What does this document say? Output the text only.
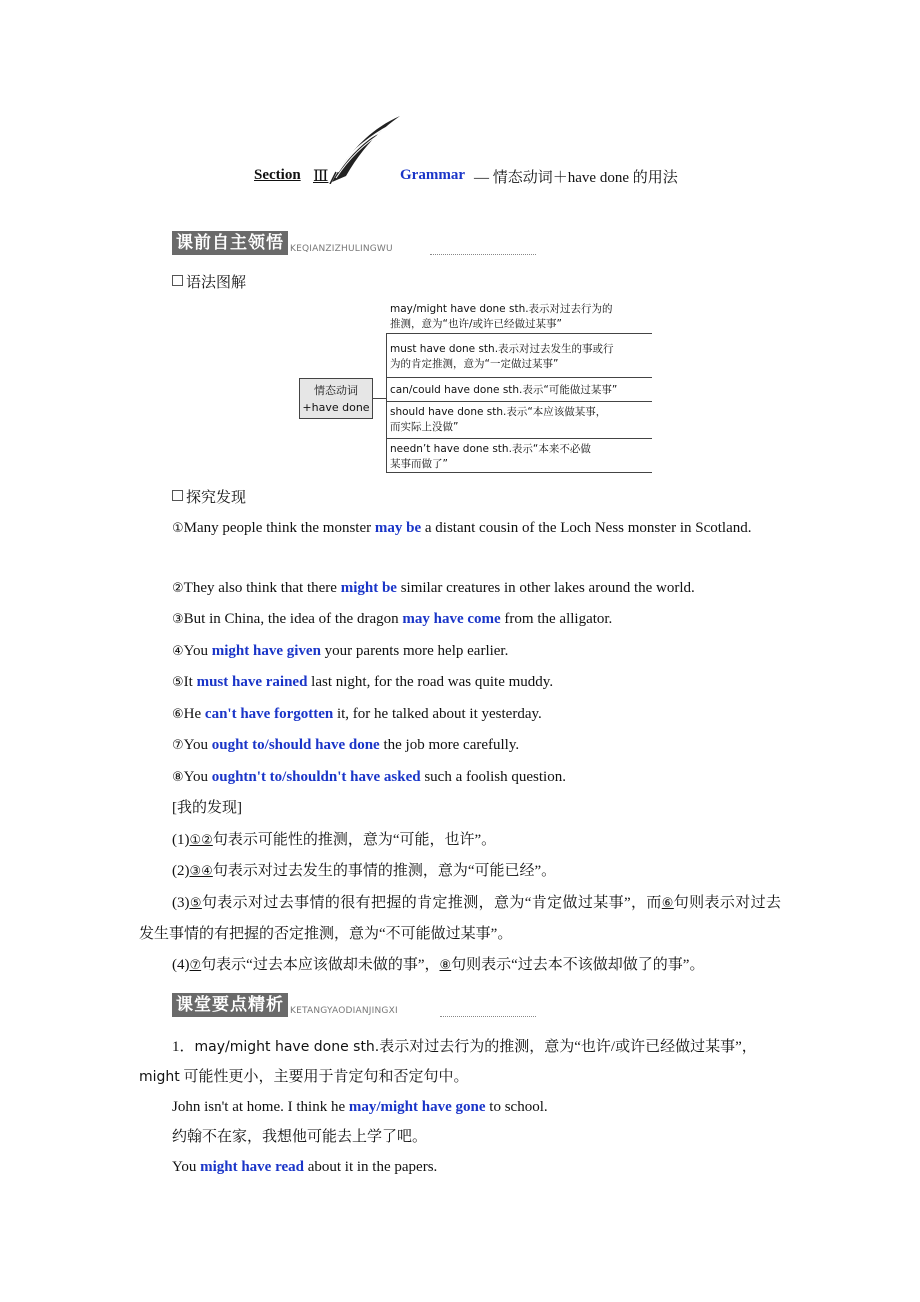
Section Ⅲ	Grammar — 情态动词＋have done 的用法
课前自主领悟 KEQIANZIZHULINGWU
语法图解
情态动词
+have done
may/might have done sth.表示对过去行为的
推测，意为“也许/或许已经做过某事”
must have done sth.表示对过去发生的事或行
为的肯定推测，意为“一定做过某事”
can/could have done sth.表示“可能做过某事”
should have done sth.表示“本应该做某事，
而实际上没做”
needn’t have done sth.表示“本来不必做
某事而做了”
探究发现
①Many people think the monster may be a distant cousin of the Loch Ness monster in Scotland.
②They also think that there might be similar creatures in other lakes around the world.
③But in China, the idea of the dragon may have come from the alligator.
④You might have given your parents more help earlier.
⑤It must have rained last night, for the road was quite muddy.
⑥He can't have forgotten it, for he talked about it yesterday.
⑦You ought to/should have done the job more carefully.
⑧You oughtn't to/shouldn't have asked such a foolish question.
[我的发现]
(1)①②句表示可能性的推测，意为“可能，也许”。
(2)③④句表示对过去发生的事情的推测，意为“可能已经”。
(3)⑤句表示对过去事情的很有把握的肯定推测，意为“肯定做过某事”，而⑥句则表示对过去发生事情的有把握的否定推测，意为“不可能做过某事”。
(4)⑦句表示“过去本应该做却未做的事”，⑧句则表示“过去本不该做却做了的事”。
课堂要点精析 KETANGYAODIANJINGXI
1．may/might have done sth.表示对过去行为的推测，意为“也许/或许已经做过某事”，might 可能性更小，主要用于肯定句和否定句中。
John isn't at home. I think he may/might have gone to school.
约翰不在家，我想他可能去上学了吧。
You might have read about it in the papers.
